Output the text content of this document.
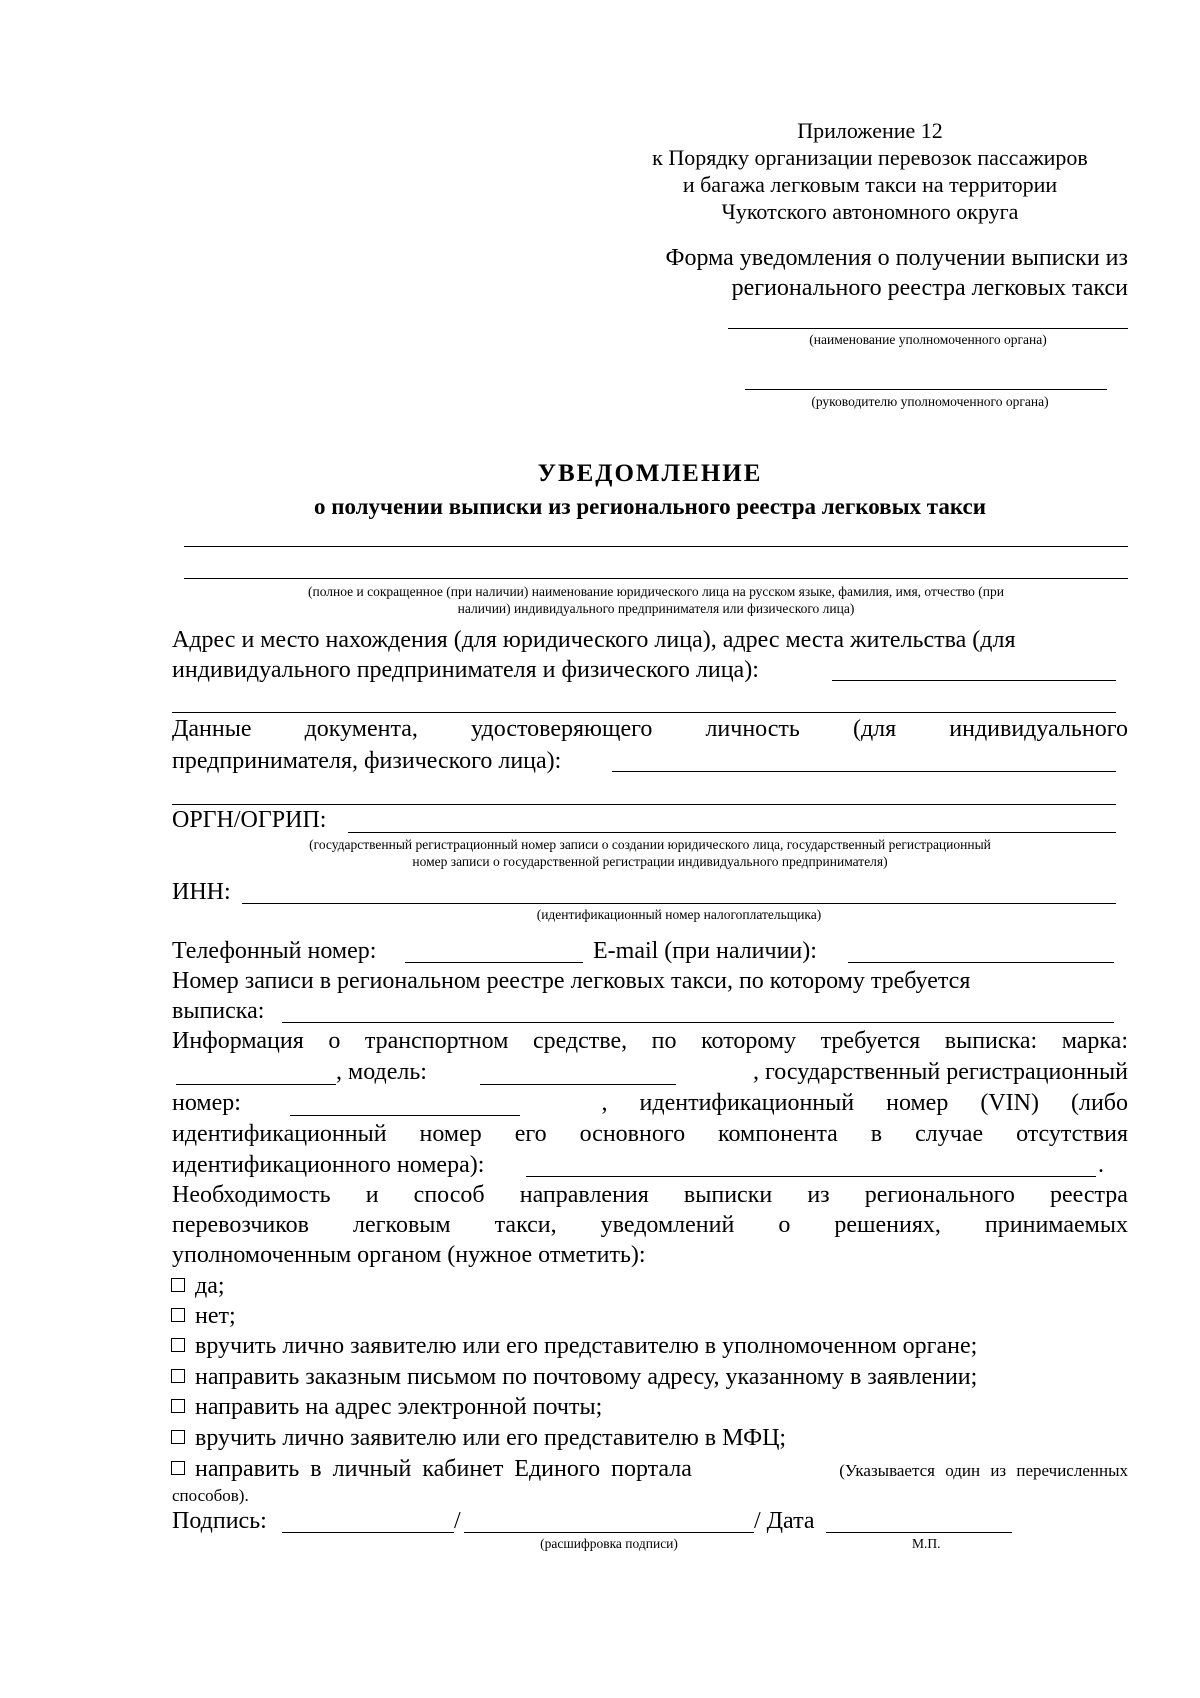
Приложение 12
к Порядку организации перевозок пассажиров
и багажа легковым такси на территории
Чукотского автономного округа
Форма уведомления о получении выписки из
регионального реестра легковых такси
(наименование уполномоченного органа)
(руководителю уполномоченного органа)
УВЕДОМЛЕНИЕ
о получении выписки из регионального реестра легковых такси
(полное и сокращенное (при наличии) наименование юридического лица на русском языке, фамилия, имя, отчество (при
наличии) индивидуального предпринимателя или физического лица)
Адрес и место нахождения (для юридического лица), адрес места жительства (для
индивидуального предпринимателя и физического лица):
Данные документа, удостоверяющего личность (для индивидуального
предпринимателя, физического лица):
ОРГН/ОГРИП:
(государственный регистрационный номер записи о создании юридического лица, государственный регистрационный
номер записи о государственной регистрации индивидуального предпринимателя)
ИНН:
(идентификационный номер налогоплательщика)
Телефонный номер:	E-mail (при наличии):
Номер записи в региональном реестре легковых такси, по которому требуется
выписка:
Информация о транспортном средстве, по которому требуется выписка: марка:
, модель:	, государственный регистрационный
номер:	, идентификационный номер (VIN) (либо
идентификационный номер его основного компонента в случае отсутствия
идентификационного номера):	.
Необходимость и способ направления выписки из регионального реестра
перевозчиков легковым такси, уведомлений о решениях, принимаемых
уполномоченным органом (нужное отметить):
да;
нет;
вручить лично заявителю или его представителю в уполномоченном органе;
направить заказным письмом по почтовому адресу, указанному в заявлении;
направить на адрес электронной почты;
вручить лично заявителю или его представителю в МФЦ;
направить в личный кабинет Единого портала	(Указывается один из перечисленных
способов).
Подпись:	/	/ Дата
(расшифровка подписи)	М.П.
